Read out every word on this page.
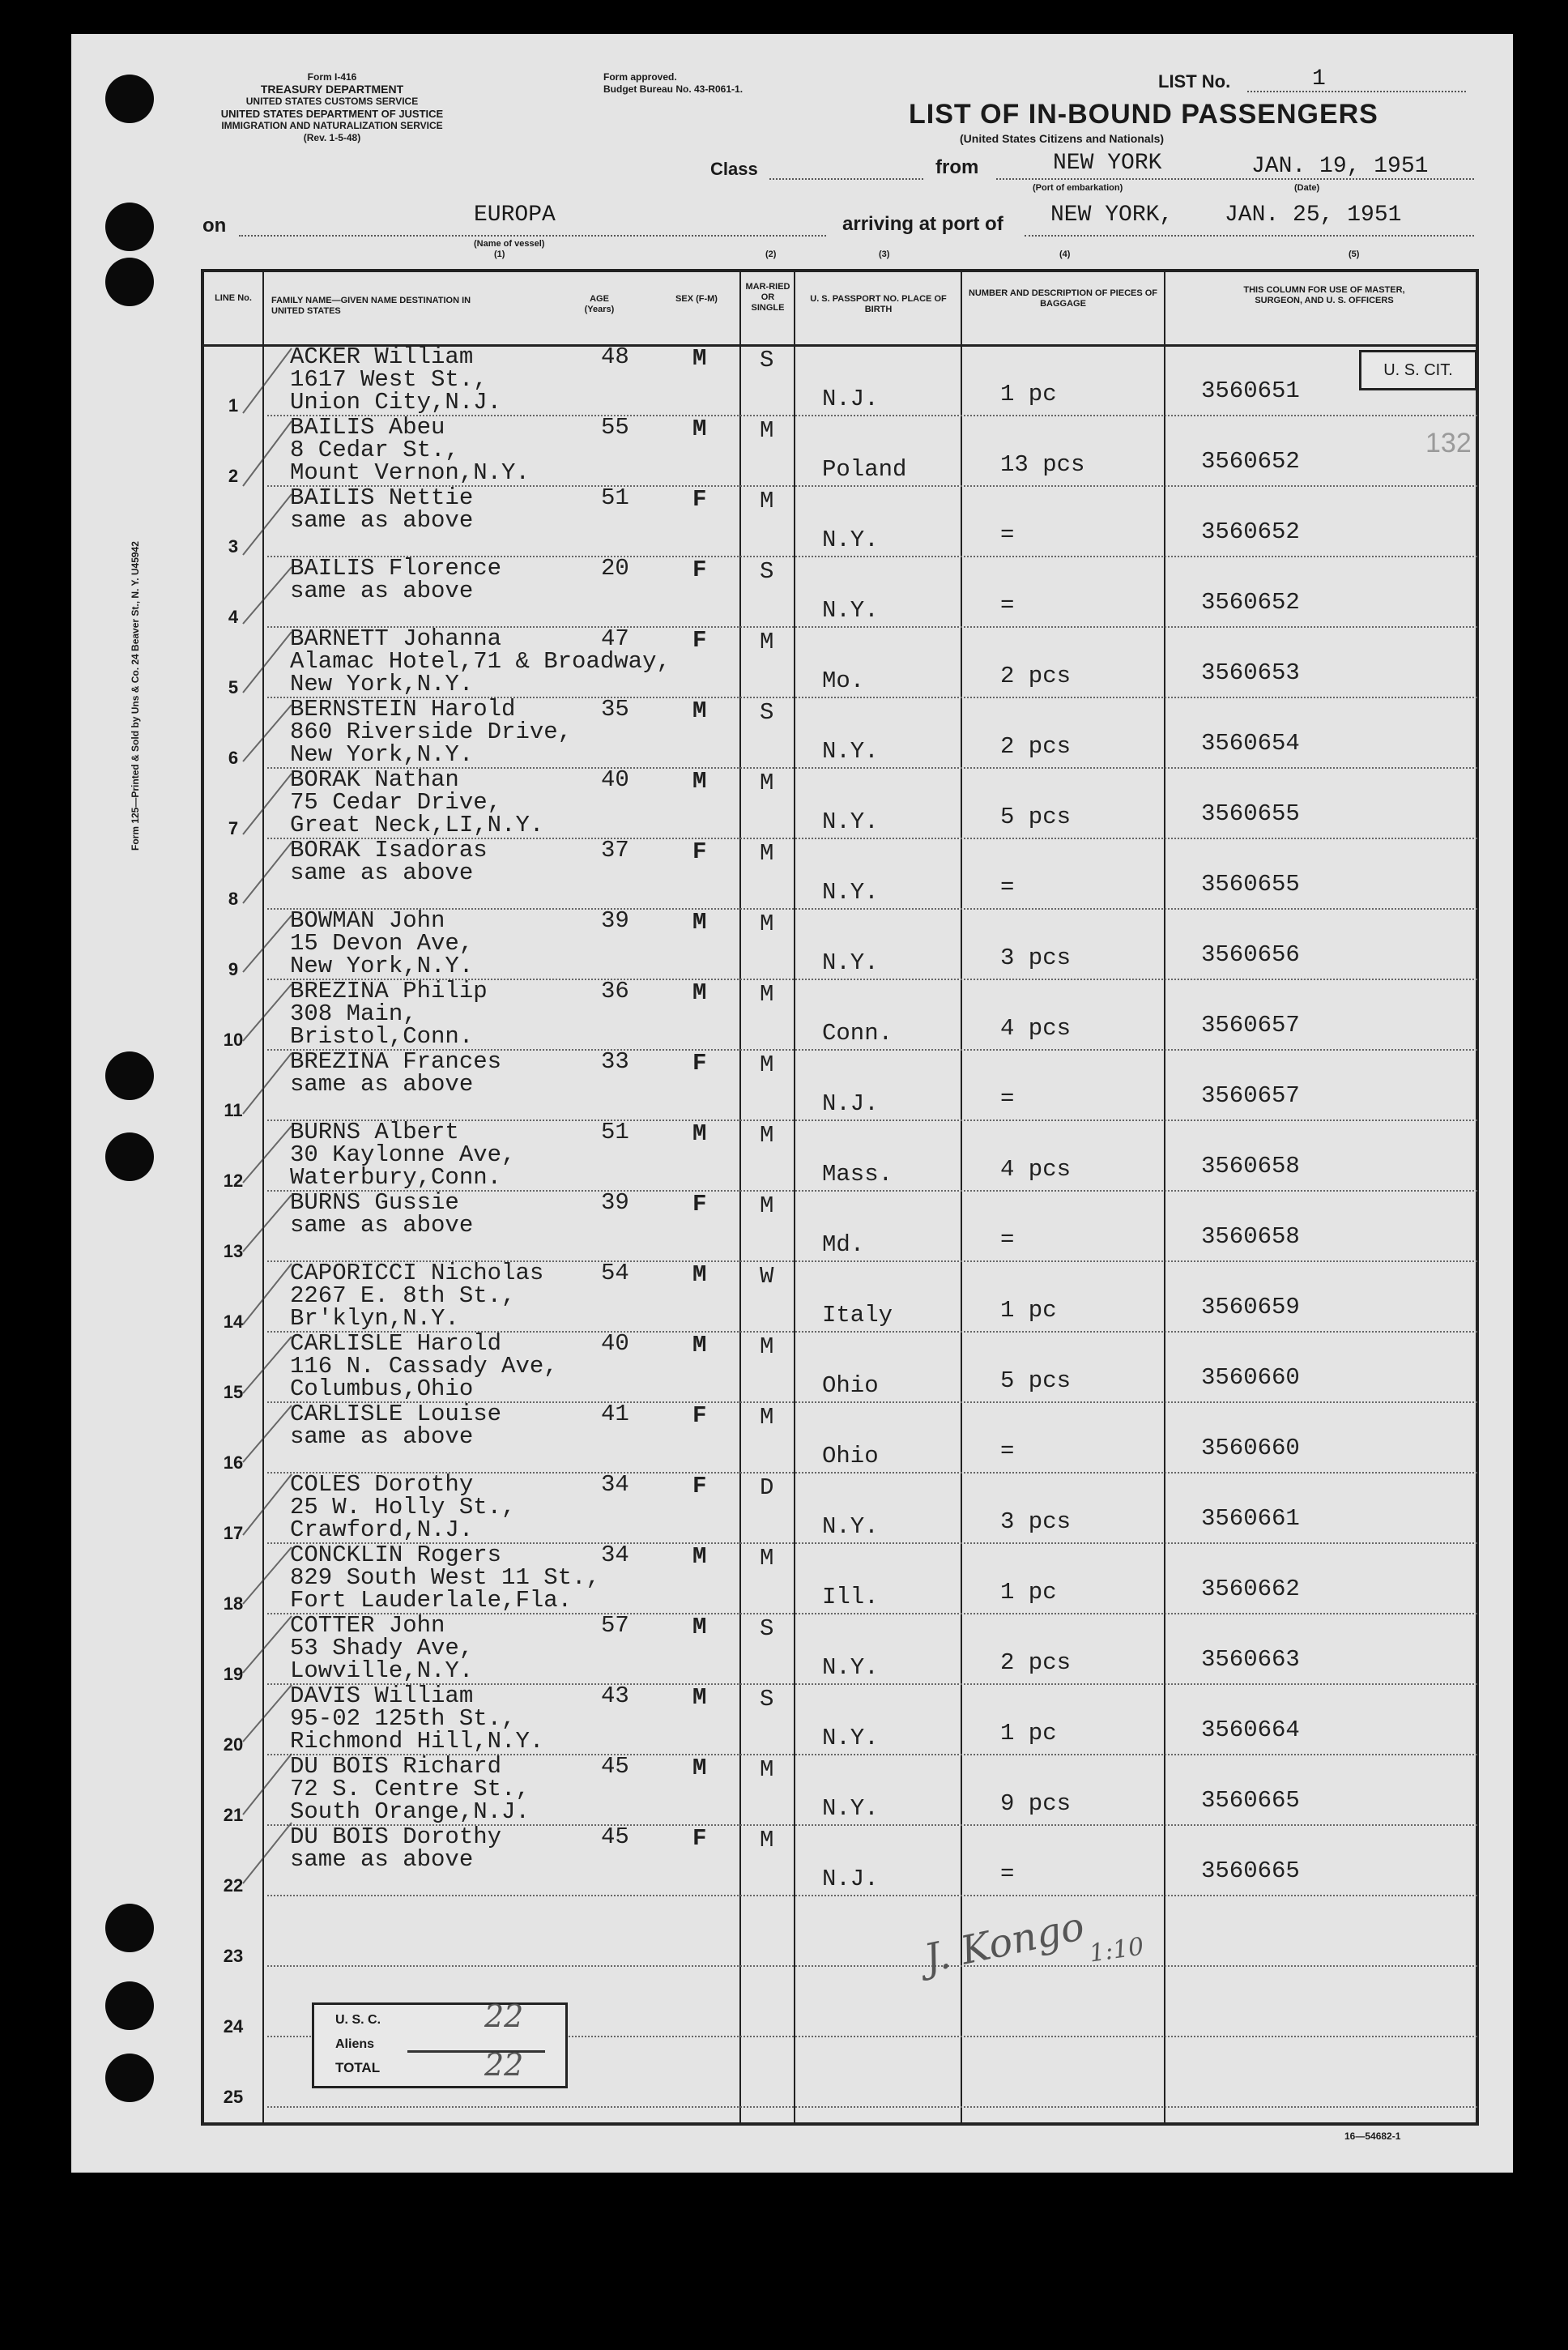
Form I-416
TREASURY DEPARTMENT
UNITED STATES CUSTOMS SERVICE
UNITED STATES DEPARTMENT OF JUSTICE
IMMIGRATION AND NATURALIZATION SERVICE
(Rev. 1-5-48)
Form approved.
Budget Bureau No. 43-R061-1.	LIST No.	1
LIST OF IN-BOUND PASSENGERS
(United States Citizens and Nationals)
Class	from	NEW YORK	JAN. 19, 1951
(Port of embarkation)	(Date)
on	EUROPA
(Name of vessel)
(1)
arriving at port of NEW YORK, JAN. 25, 1951
(2)	(3)	(4)	(5)
Form 125—Printed & Sold by Uns & Co. 24 Beaver St., N. Y. U45942
LINE No.	FAMILY NAME—GIVEN NAME DESTINATION IN UNITED STATES
AGE (Years)
SEX (F-M)
MAR-RIED OR SINGLE
U. S. PASSPORT NO. PLACE OF BIRTH
NUMBER AND DESCRIPTION OF PIECES OF BAGGAGE
THIS COLUMN FOR USE OF MASTER, SURGEON, AND U. S. OFFICERS
1
ACKER William
1617 West St.,
Union City,N.J.
48	M S
N.J.	1 pc	3560651
2
BAILIS Abeu
8 Cedar St.,
Mount Vernon,N.Y.
55	M M
Poland	13 pcs	3560652
3
BAILIS Nettie
same as above
51	F M
N.Y.	=	3560652
4
BAILIS Florence
same as above
20	F S
N.Y.	=	3560652
5
BARNETT Johanna
Alamac Hotel,71 & Broadway,
New York,N.Y.
47	F M
Mo.	2 pcs	3560653
6
BERNSTEIN Harold
860 Riverside Drive,
New York,N.Y.
35	M S
N.Y.	2 pcs	3560654
7
BORAK Nathan
75 Cedar Drive,
Great Neck,LI,N.Y.
40	M M
N.Y.	5 pcs	3560655
8
BORAK Isadoras
same as above
37	F M
N.Y.	=	3560655
9
BOWMAN John
15 Devon Ave,
New York,N.Y.
39	M M
N.Y.	3 pcs	3560656
10
BREZINA Philip
308 Main,
Bristol,Conn.
36	M M
Conn.	4 pcs	3560657
11
BREZINA Frances
same as above
33	F M
N.J.	=	3560657
12
BURNS Albert
30 Kaylonne Ave,
Waterbury,Conn.
51	M M
Mass.	4 pcs	3560658
13
BURNS Gussie
same as above
39	F M
Md.	=	3560658
14
CAPORICCI Nicholas
2267 E. 8th St.,
Br'klyn,N.Y.
54	M W
Italy	1 pc	3560659
15
CARLISLE Harold
116 N. Cassady Ave,
Columbus,Ohio
40	M M
Ohio	5 pcs	3560660
16
CARLISLE Louise
same as above
41	F M
Ohio	=	3560660
17
COLES Dorothy
25 W. Holly St.,
Crawford,N.J.
34	F D
N.Y.	3 pcs	3560661
18
CONCKLIN Rogers
829 South West 11 St.,
Fort Lauderlale,Fla.
34	M M
Ill.	1 pc	3560662
19
COTTER John
53 Shady Ave,
Lowville,N.Y.
57	M S
N.Y.	2 pcs	3560663
20
DAVIS William
95-02 125th St.,
Richmond Hill,N.Y.
43	M S
N.Y.	1 pc	3560664
21
DU BOIS Richard
72 S. Centre St.,
South Orange,N.J.
45	M M
N.Y.	9 pcs	3560665
22
DU BOIS Dorothy
same as above
45	F M
N.J.	=	3560665
23
24
25
U. S. CIT.
132
U. S. C.	22
Aliens
TOTAL	22
J. Kongo 1:10
16—54682-1
